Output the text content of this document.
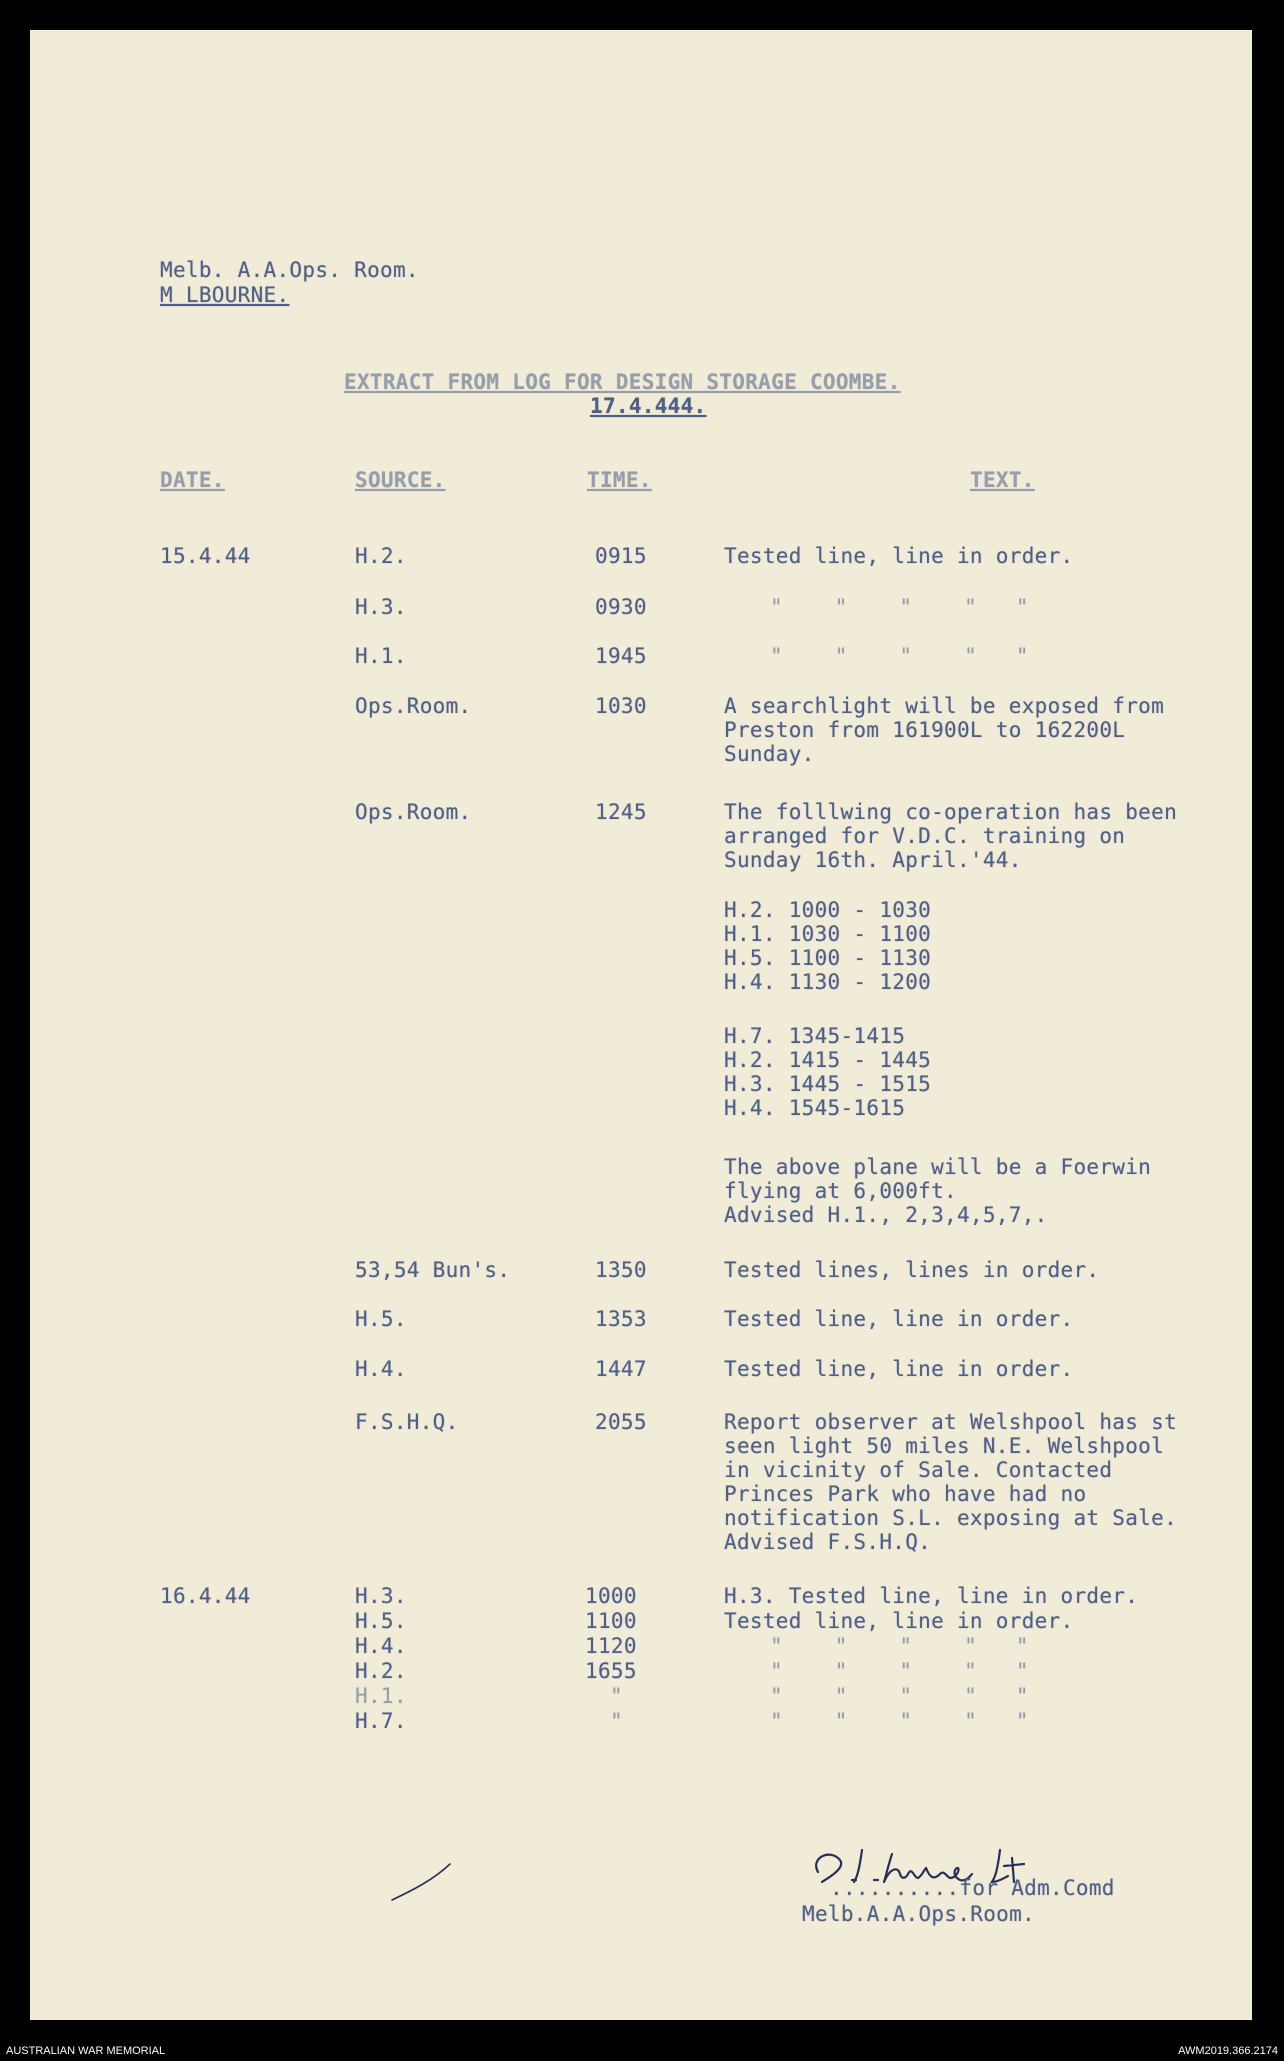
Melb. A.A.Ops. Room.
M LBOURNE.
EXTRACT FROM LOG FOR DESIGN STORAGE COOMBE.
17.4.444.
DATE.	SOURCE.	TIME.	TEXT.
15.4.44	H.2.	0915	Tested line, line in order.
H.3.	0930	"    "    "    "   "
H.1.	1945	"    "    "    "   "
Ops.Room.	1030	A searchlight will be exposed from
Preston from 161900L to 162200L
Sunday.
Ops.Room.	1245	The folllwing co-operation has been
arranged for V.D.C. training on
Sunday 16th. April.'44.
H.2. 1000 - 1030
H.1. 1030 - 1100
H.5. 1100 - 1130
H.4. 1130 - 1200
H.7. 1345-1415
H.2. 1415 - 1445
H.3. 1445 - 1515
H.4. 1545-1615
The above plane will be a Foerwin
flying at 6,000ft.
Advised H.1., 2,3,4,5,7,.
53,54 Bun's.	1350	Tested lines, lines in order.
H.5.	1353	Tested line, line in order.
H.4.	1447	Tested line, line in order.
F.S.H.Q.	2055	Report observer at Welshpool has st
seen light 50 miles N.E. Welshpool
in vicinity of Sale. Contacted
Princes Park who have had no
notification S.L. exposing at Sale.
Advised F.S.H.Q.
16.4.44	H.3.	1000	H.3. Tested line, line in order.
H.5.	1100	Tested line, line in order.
H.4.	1120	"    "    "    "   "
H.2.	1655	"    "    "    "   "
H.1.	"	"    "    "    "   "
H.7.	"	"    "    "    "   "
..........for Adm.Comd
Melb.A.A.Ops.Room.
AUSTRALIAN WAR MEMORIAL	AWM2019.366.2174
